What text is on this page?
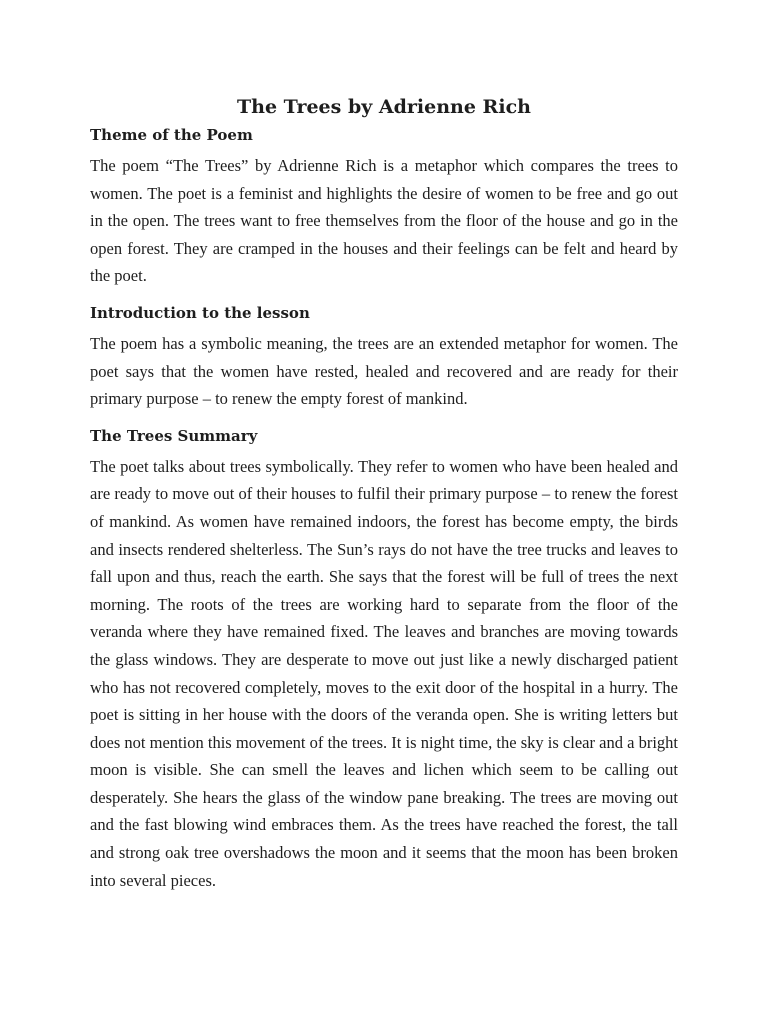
The Trees by Adrienne Rich
Theme of the Poem

The poem “The Trees” by Adrienne Rich is a metaphor which compares the trees to women. The poet is a feminist and highlights the desire of women to be free and go out in the open. The trees want to free themselves from the floor of the house and go in the open forest. They are cramped in the houses and their feelings can be felt and heard by the poet.

Introduction to the lesson

The poem has a symbolic meaning, the trees are an extended metaphor for women. The poet says that the women have rested, healed and recovered and are ready for their primary purpose – to renew the empty forest of mankind.

The Trees Summary

The poet talks about trees symbolically. They refer to women who have been healed and are ready to move out of their houses to fulfil their primary purpose – to renew the forest of mankind. As women have remained indoors, the forest has become empty, the birds and insects rendered shelterless. The Sun’s rays do not have the tree trucks and leaves to fall upon and thus, reach the earth. She says that the forest will be full of trees the next morning. The roots of the trees are working hard to separate from the floor of the veranda where they have remained fixed. The leaves and branches are moving towards the glass windows. They are desperate to move out just like a newly discharged patient who has not recovered completely, moves to the exit door of the hospital in a hurry. The poet is sitting in her house with the doors of the veranda open. She is writing letters but does not mention this movement of the trees. It is night time, the sky is clear and a bright moon is visible. She can smell the leaves and lichen which seem to be calling out desperately. She hears the glass of the window pane breaking. The trees are moving out and the fast blowing wind embraces them. As the trees have reached the forest, the tall and strong oak tree overshadows the moon and it seems that the moon has been broken into several pieces.
